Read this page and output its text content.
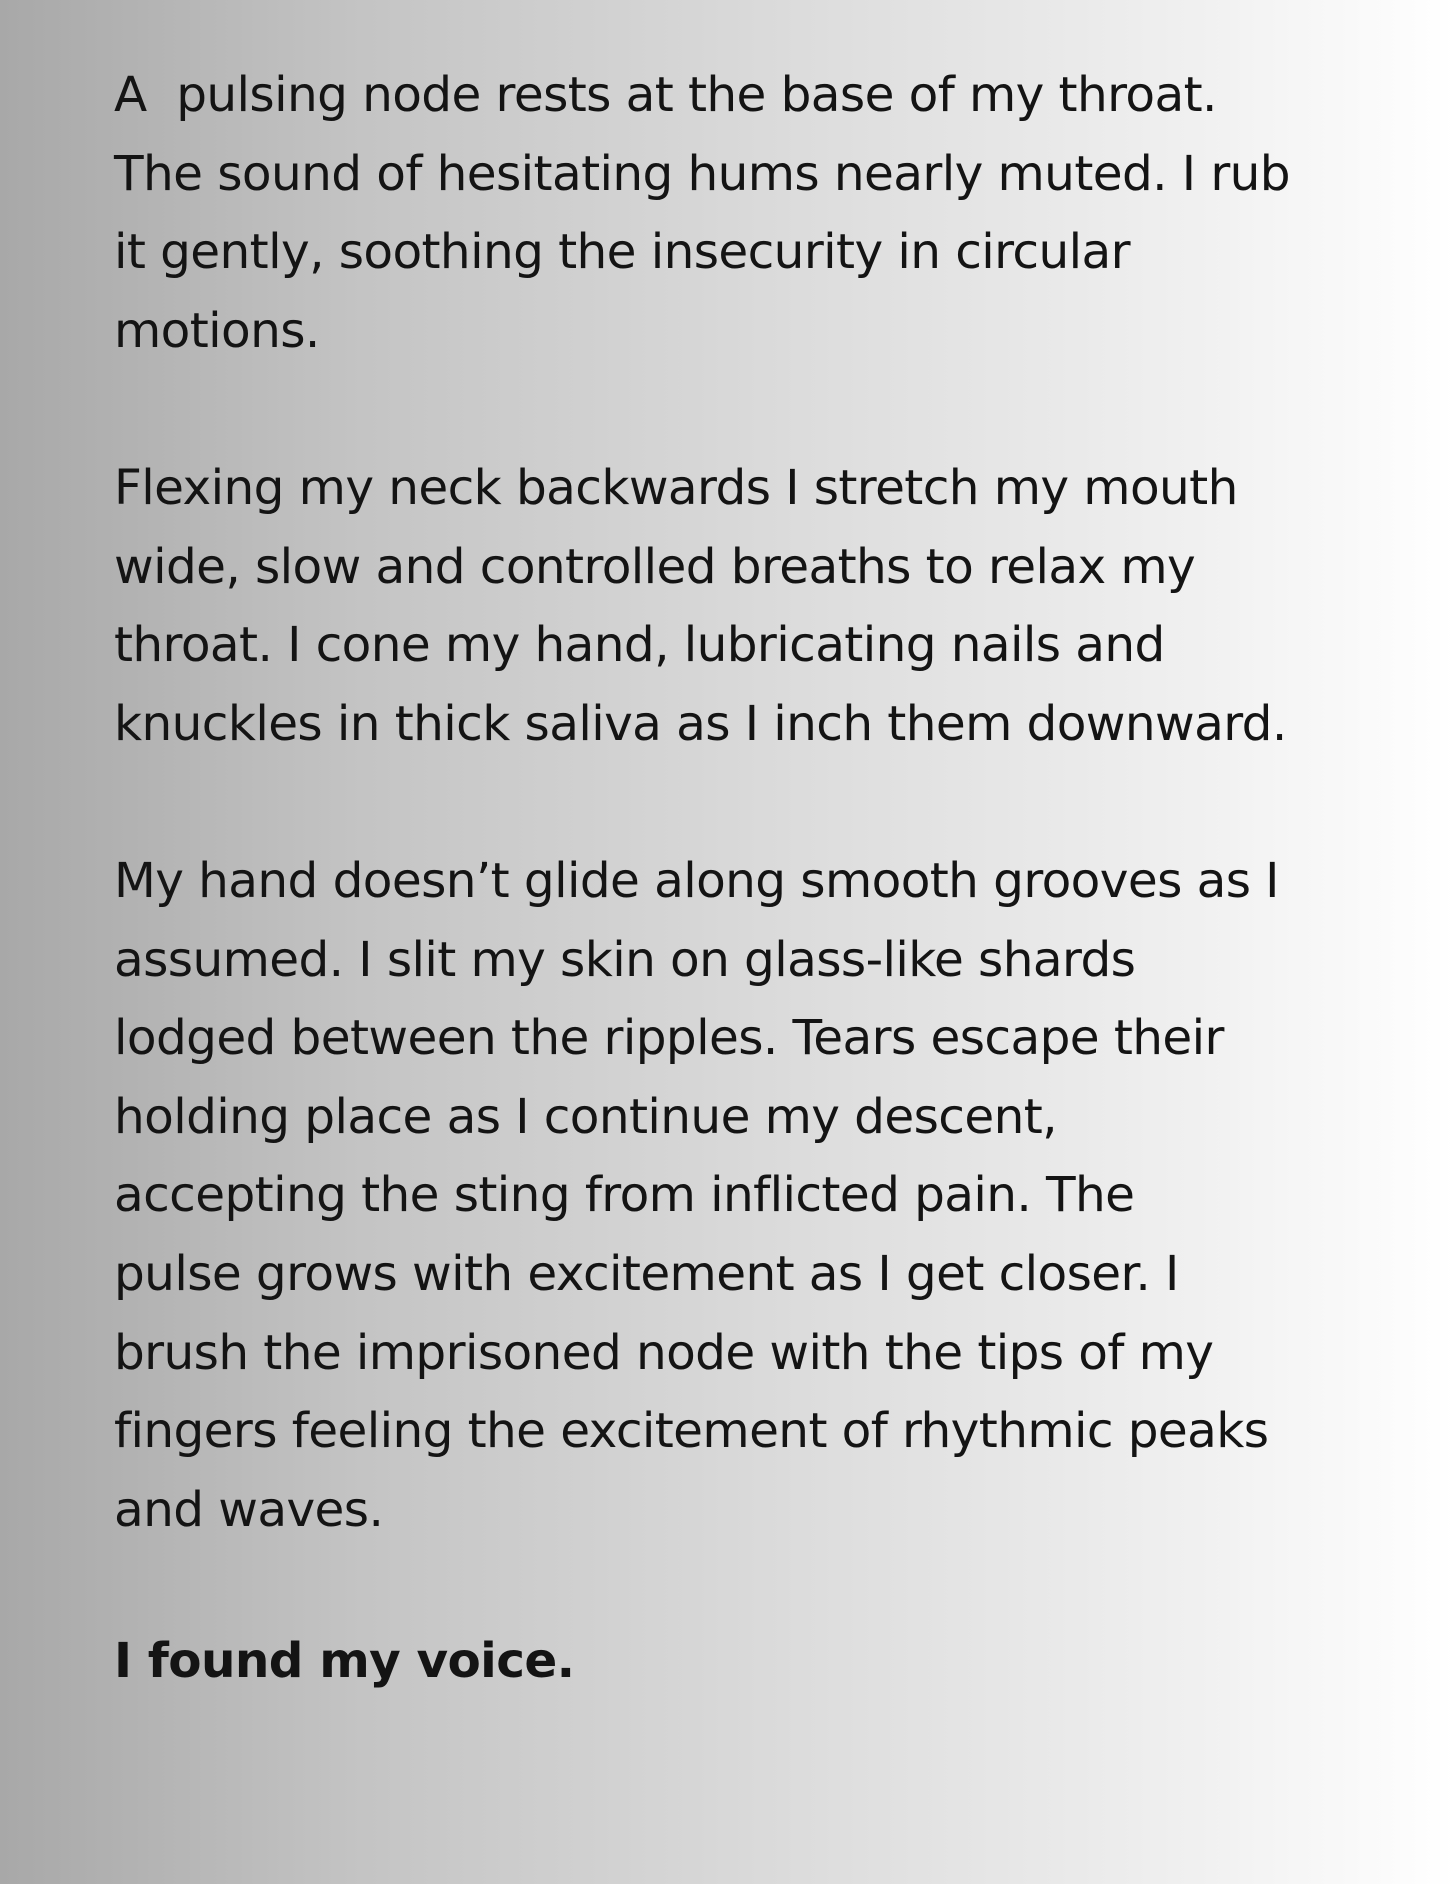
A  pulsing node rests at the base of my throat.
The sound of hesitating hums nearly muted. I rub
it gently, soothing the insecurity in circular
motions.
Flexing my neck backwards I stretch my mouth
wide, slow and controlled breaths to relax my
throat. I cone my hand, lubricating nails and
knuckles in thick saliva as I inch them downward.
My hand doesn’t glide along smooth grooves as I
assumed. I slit my skin on glass-like shards
lodged between the ripples. Tears escape their
holding place as I continue my descent,
accepting the sting from inflicted pain. The
pulse grows with excitement as I get closer. I
brush the imprisoned node with the tips of my
fingers feeling the excitement of rhythmic peaks
and waves.
I found my voice.
